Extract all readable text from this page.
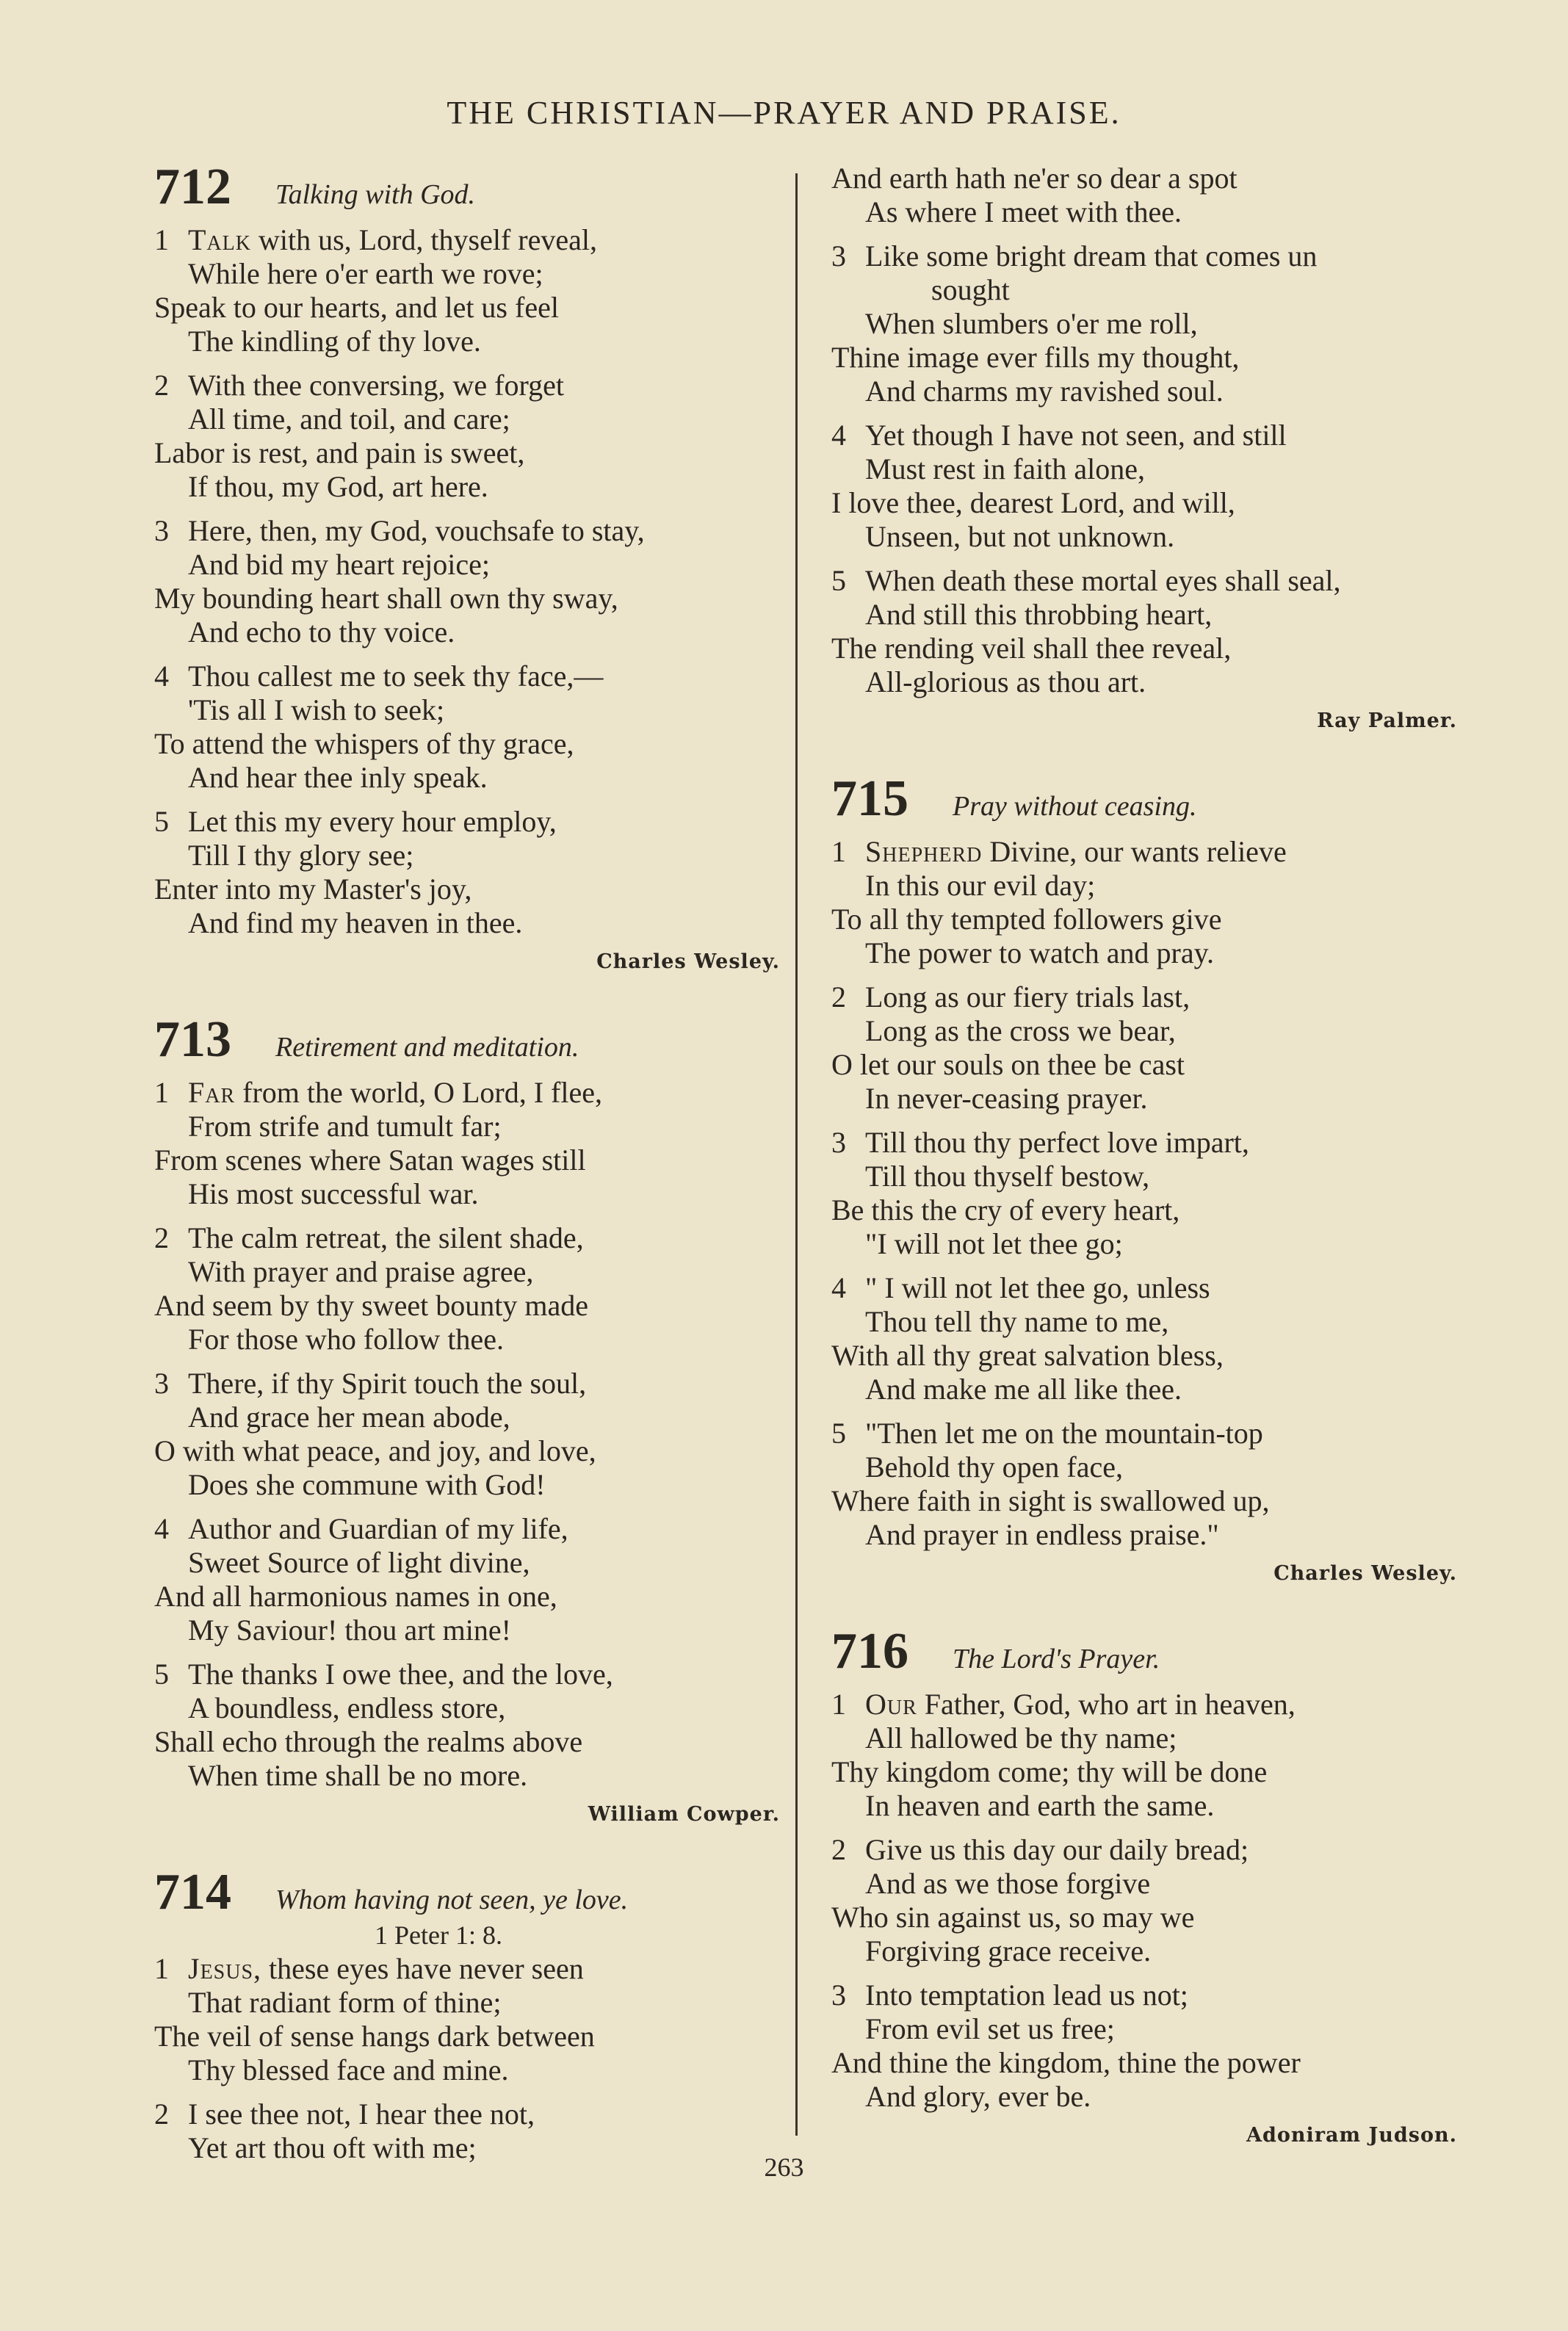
THE CHRISTIAN—PRAYER AND PRAISE.
712 Talking with God.
1 Talk with us, Lord, thyself reveal,
While here o'er earth we rove;
Speak to our hearts, and let us feel
The kindling of thy love.
2 With thee conversing, we forget
All time, and toil, and care;
Labor is rest, and pain is sweet,
If thou, my God, art here.
3 Here, then, my God, vouchsafe to stay,
And bid my heart rejoice;
My bounding heart shall own thy sway,
And echo to thy voice.
4 Thou callest me to seek thy face,—
'Tis all I wish to seek;
To attend the whispers of thy grace,
And hear thee inly speak.
5 Let this my every hour employ,
Till I thy glory see;
Enter into my Master's joy,
And find my heaven in thee.
Charles Wesley.
713 Retirement and meditation.
1 Far from the world, O Lord, I flee,
From strife and tumult far;
From scenes where Satan wages still
His most successful war.
2 The calm retreat, the silent shade,
With prayer and praise agree,
And seem by thy sweet bounty made
For those who follow thee.
3 There, if thy Spirit touch the soul,
And grace her mean abode,
O with what peace, and joy, and love,
Does she commune with God!
4 Author and Guardian of my life,
Sweet Source of light divine,
And all harmonious names in one,
My Saviour! thou art mine!
5 The thanks I owe thee, and the love,
A boundless, endless store,
Shall echo through the realms above
When time shall be no more.
William Cowper.
714 Whom having not seen, ye love.
1 Peter 1: 8.
1 Jesus, these eyes have never seen
That radiant form of thine;
The veil of sense hangs dark between
Thy blessed face and mine.
2 I see thee not, I hear thee not,
Yet art thou oft with me;
And earth hath ne'er so dear a spot
As where I meet with thee.
3 Like some bright dream that comes un
sought
When slumbers o'er me roll,
Thine image ever fills my thought,
And charms my ravished soul.
4 Yet though I have not seen, and still
Must rest in faith alone,
I love thee, dearest Lord, and will,
Unseen, but not unknown.
5 When death these mortal eyes shall seal,
And still this throbbing heart,
The rending veil shall thee reveal,
All-glorious as thou art.
Ray Palmer.
715 Pray without ceasing.
1 Shepherd Divine, our wants relieve
In this our evil day;
To all thy tempted followers give
The power to watch and pray.
2 Long as our fiery trials last,
Long as the cross we bear,
O let our souls on thee be cast
In never-ceasing prayer.
3 Till thou thy perfect love impart,
Till thou thyself bestow,
Be this the cry of every heart,
"I will not let thee go;
4 " I will not let thee go, unless
Thou tell thy name to me,
With all thy great salvation bless,
And make me all like thee.
5 "Then let me on the mountain-top
Behold thy open face,
Where faith in sight is swallowed up,
And prayer in endless praise."
Charles Wesley.
716 The Lord's Prayer.
1 Our Father, God, who art in heaven,
All hallowed be thy name;
Thy kingdom come; thy will be done
In heaven and earth the same.
2 Give us this day our daily bread;
And as we those forgive
Who sin against us, so may we
Forgiving grace receive.
3 Into temptation lead us not;
From evil set us free;
And thine the kingdom, thine the power
And glory, ever be.
Adoniram Judson.
263
